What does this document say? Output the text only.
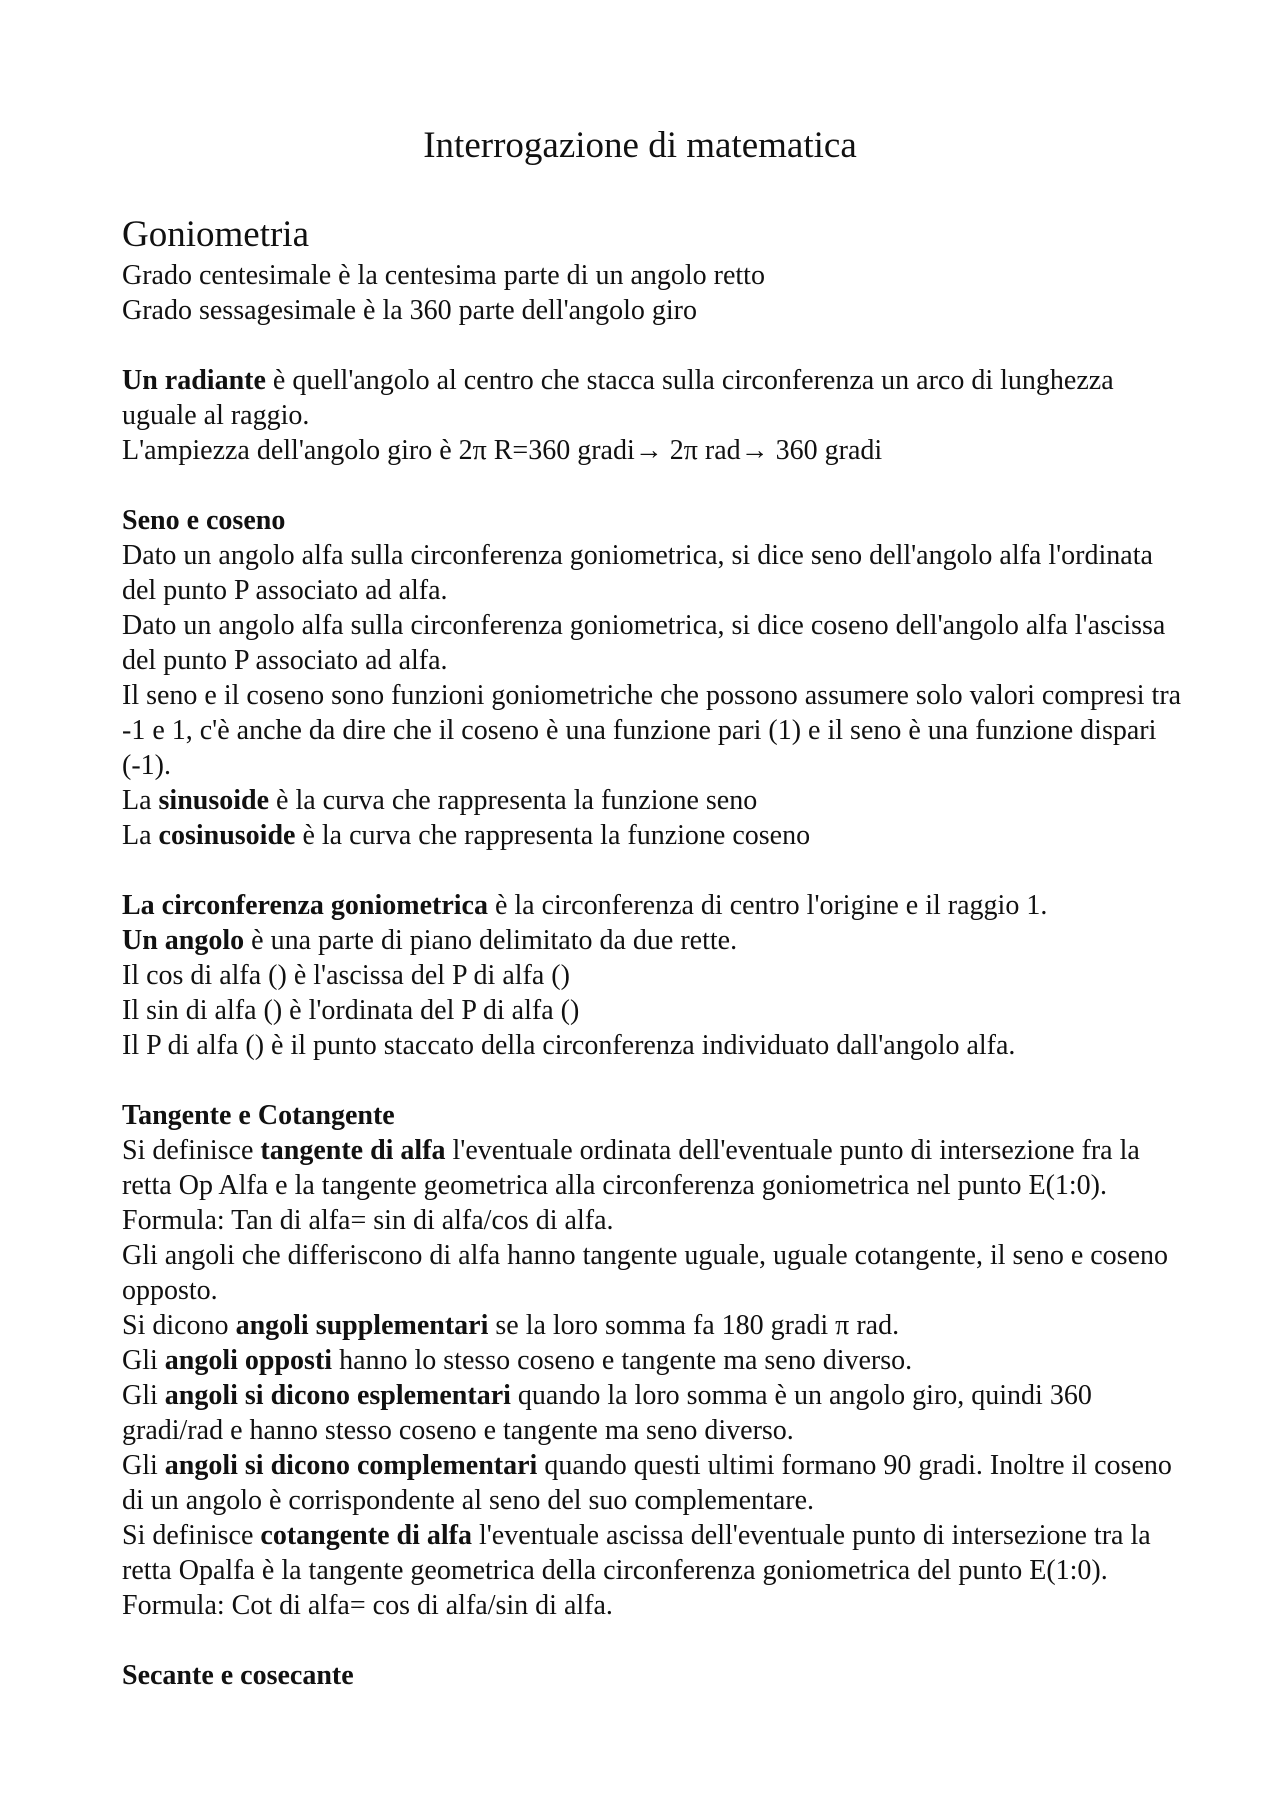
Interrogazione di matematica
Goniometria

Grado centesimale è la centesima parte di un angolo retto

Grado sessagesimale è la 360 parte dell'angolo giro

Un radiante è quell'angolo al centro che stacca sulla circonferenza un arco di lunghezza uguale al raggio.

L'ampiezza dell'angolo giro è 2π R=360 gradi→ 2π rad→ 360 gradi

Seno e coseno

Dato un angolo alfa sulla circonferenza goniometrica, si dice seno dell'angolo alfa l'ordinata del punto P associato ad alfa.

Dato un angolo alfa sulla circonferenza goniometrica, si dice coseno dell'angolo alfa l'ascissa del punto P associato ad alfa.

Il seno e il coseno sono funzioni goniometriche che possono assumere solo valori compresi tra -1 e 1, c'è anche da dire che il coseno è una funzione pari (1) e il seno è una funzione dispari (-1).

La sinusoide è la curva che rappresenta la funzione seno

La cosinusoide è la curva che rappresenta la funzione coseno

La circonferenza goniometrica è la circonferenza di centro l'origine e il raggio 1.

Un angolo è una parte di piano delimitato da due rette.

Il cos di alfa () è l'ascissa del P di alfa ()

Il sin di alfa () è l'ordinata del P di alfa ()

Il P di alfa () è il punto staccato della circonferenza individuato dall'angolo alfa.

Tangente e Cotangente

Si definisce tangente di alfa l'eventuale ordinata dell'eventuale punto di intersezione fra la retta Op Alfa e la tangente geometrica alla circonferenza goniometrica nel punto E(1:0). Formula: Tan di alfa= sin di alfa/cos di alfa.

Gli angoli che differiscono di alfa hanno tangente uguale, uguale cotangente, il seno e coseno opposto.

Si dicono angoli supplementari se la loro somma fa 180 gradi π rad.

Gli angoli opposti hanno lo stesso coseno e tangente ma seno diverso.

Gli angoli si dicono esplementari quando la loro somma è un angolo giro, quindi 360 gradi/rad e hanno stesso coseno e tangente ma seno diverso.

Gli angoli si dicono complementari quando questi ultimi formano 90 gradi. Inoltre il coseno di un angolo è corrispondente al seno del suo complementare.

Si definisce cotangente di alfa l'eventuale ascissa dell'eventuale punto di intersezione tra la retta Opalfa è la tangente geometrica della circonferenza goniometrica del punto E(1:0). Formula: Cot di alfa= cos di alfa/sin di alfa.

Secante e cosecante
